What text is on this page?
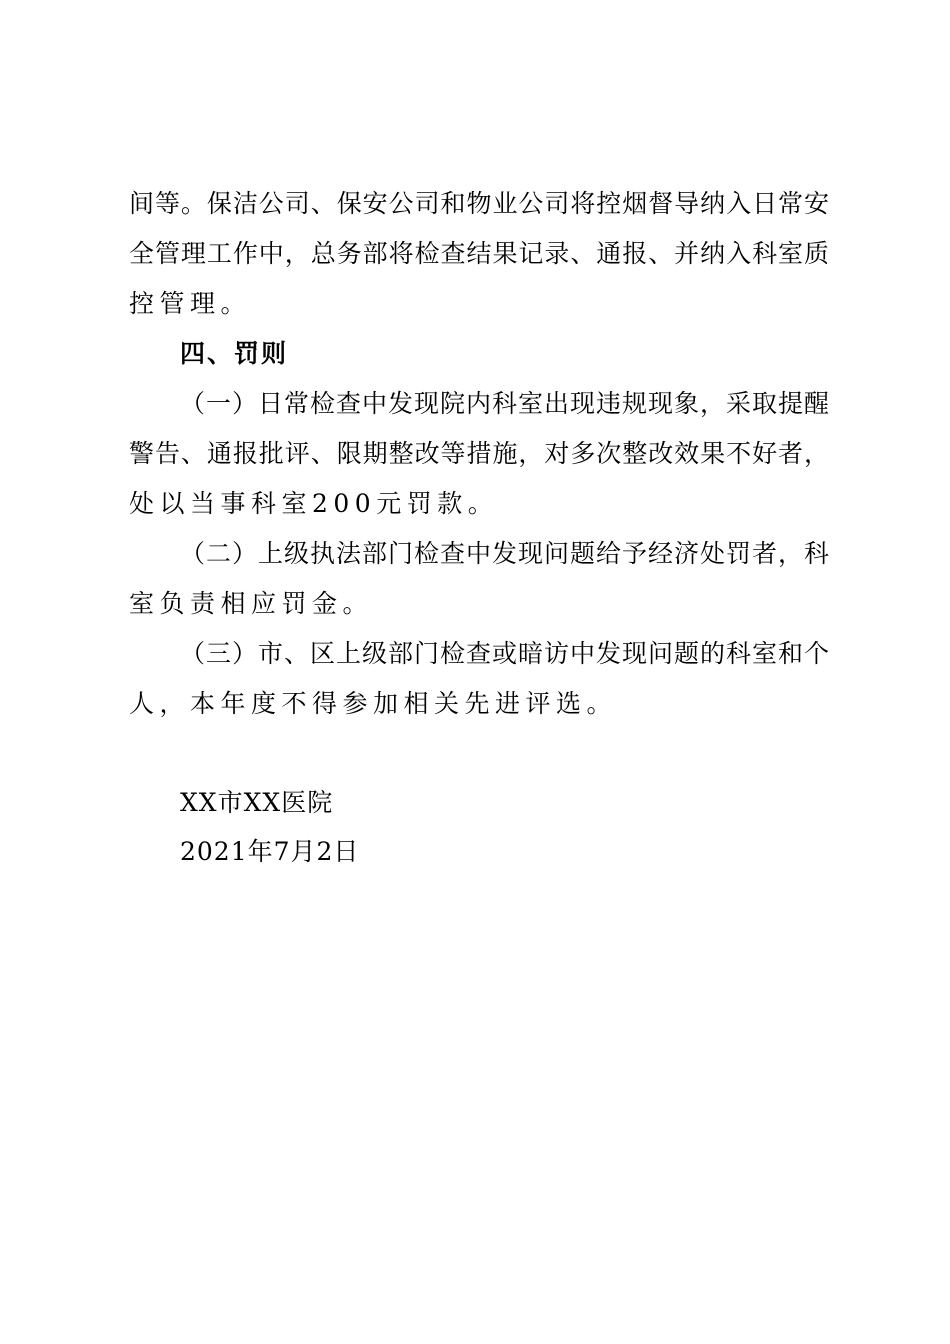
间等。保洁公司、保安公司和物业公司将控烟督导纳入日常安
全管理工作中，总务部将检查结果记录、通报、并纳入科室质
控管理。
四、罚则
（一）日常检查中发现院内科室出现违规现象，采取提醒
警告、通报批评、限期整改等措施，对多次整改效果不好者，
处以当事科室200元罚款。
（二）上级执法部门检查中发现问题给予经济处罚者，科
室负责相应罚金。
（三）市、区上级部门检查或暗访中发现问题的科室和个
人，本年度不得参加相关先进评选。
XX市XX医院
2021年7月2日
